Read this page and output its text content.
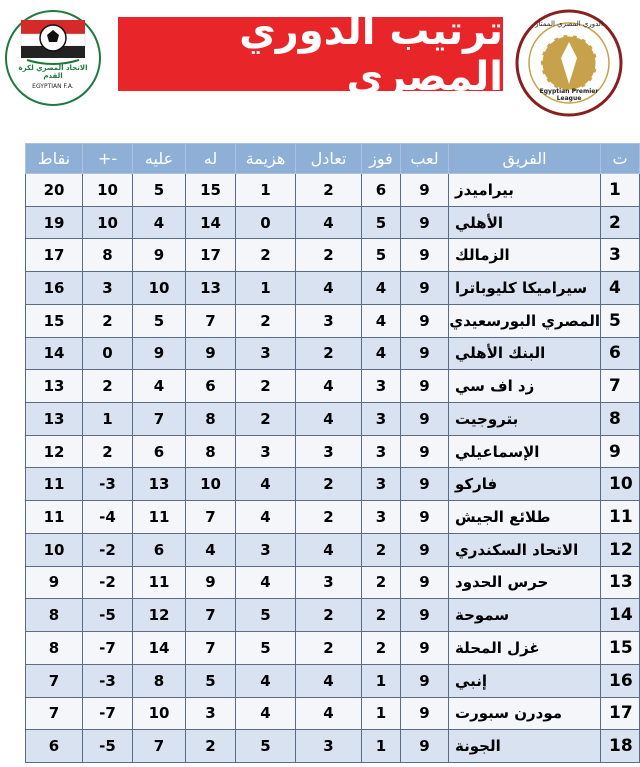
الاتحاد المصري لكرة القدم
EGYPTIAN F.A.
ترتيب الدوري المصري
الدوري المصري الممتاز
Egyptian Premier League
نقاط	+-	عليه	له	هزيمة	تعادل	فوز	لعب	الفريق	ت
20	10	5	15	1	2	6	9	بيراميدز	1
19	10	4	14	0	4	5	9	الأهلي	2
17	8	9	17	2	2	5	9	الزمالك	3
16	3	10	13	1	4	4	9	سيراميكا كليوباترا	4
15	2	5	7	2	3	4	9	المصري البورسعيدي	5
14	0	9	9	3	2	4	9	البنك الأهلي	6
13	2	4	6	2	4	3	9	زد اف سي	7
13	1	7	8	2	4	3	9	بتروجيت	8
12	2	6	8	3	3	3	9	الإسماعيلي	9
11	-3	13	10	4	2	3	9	فاركو	10
11	-4	11	7	4	2	3	9	طلائع الجيش	11
10	-2	6	4	3	4	2	9	الاتحاد السكندري	12
9	-2	11	9	4	3	2	9	حرس الحدود	13
8	-5	12	7	5	2	2	9	سموحة	14
8	-7	14	7	5	2	2	9	غزل المحلة	15
7	-3	8	5	4	4	1	9	إنبي	16
7	-7	10	3	4	4	1	9	مودرن سبورت	17
6	-5	7	2	5	3	1	9	الجونة	18
